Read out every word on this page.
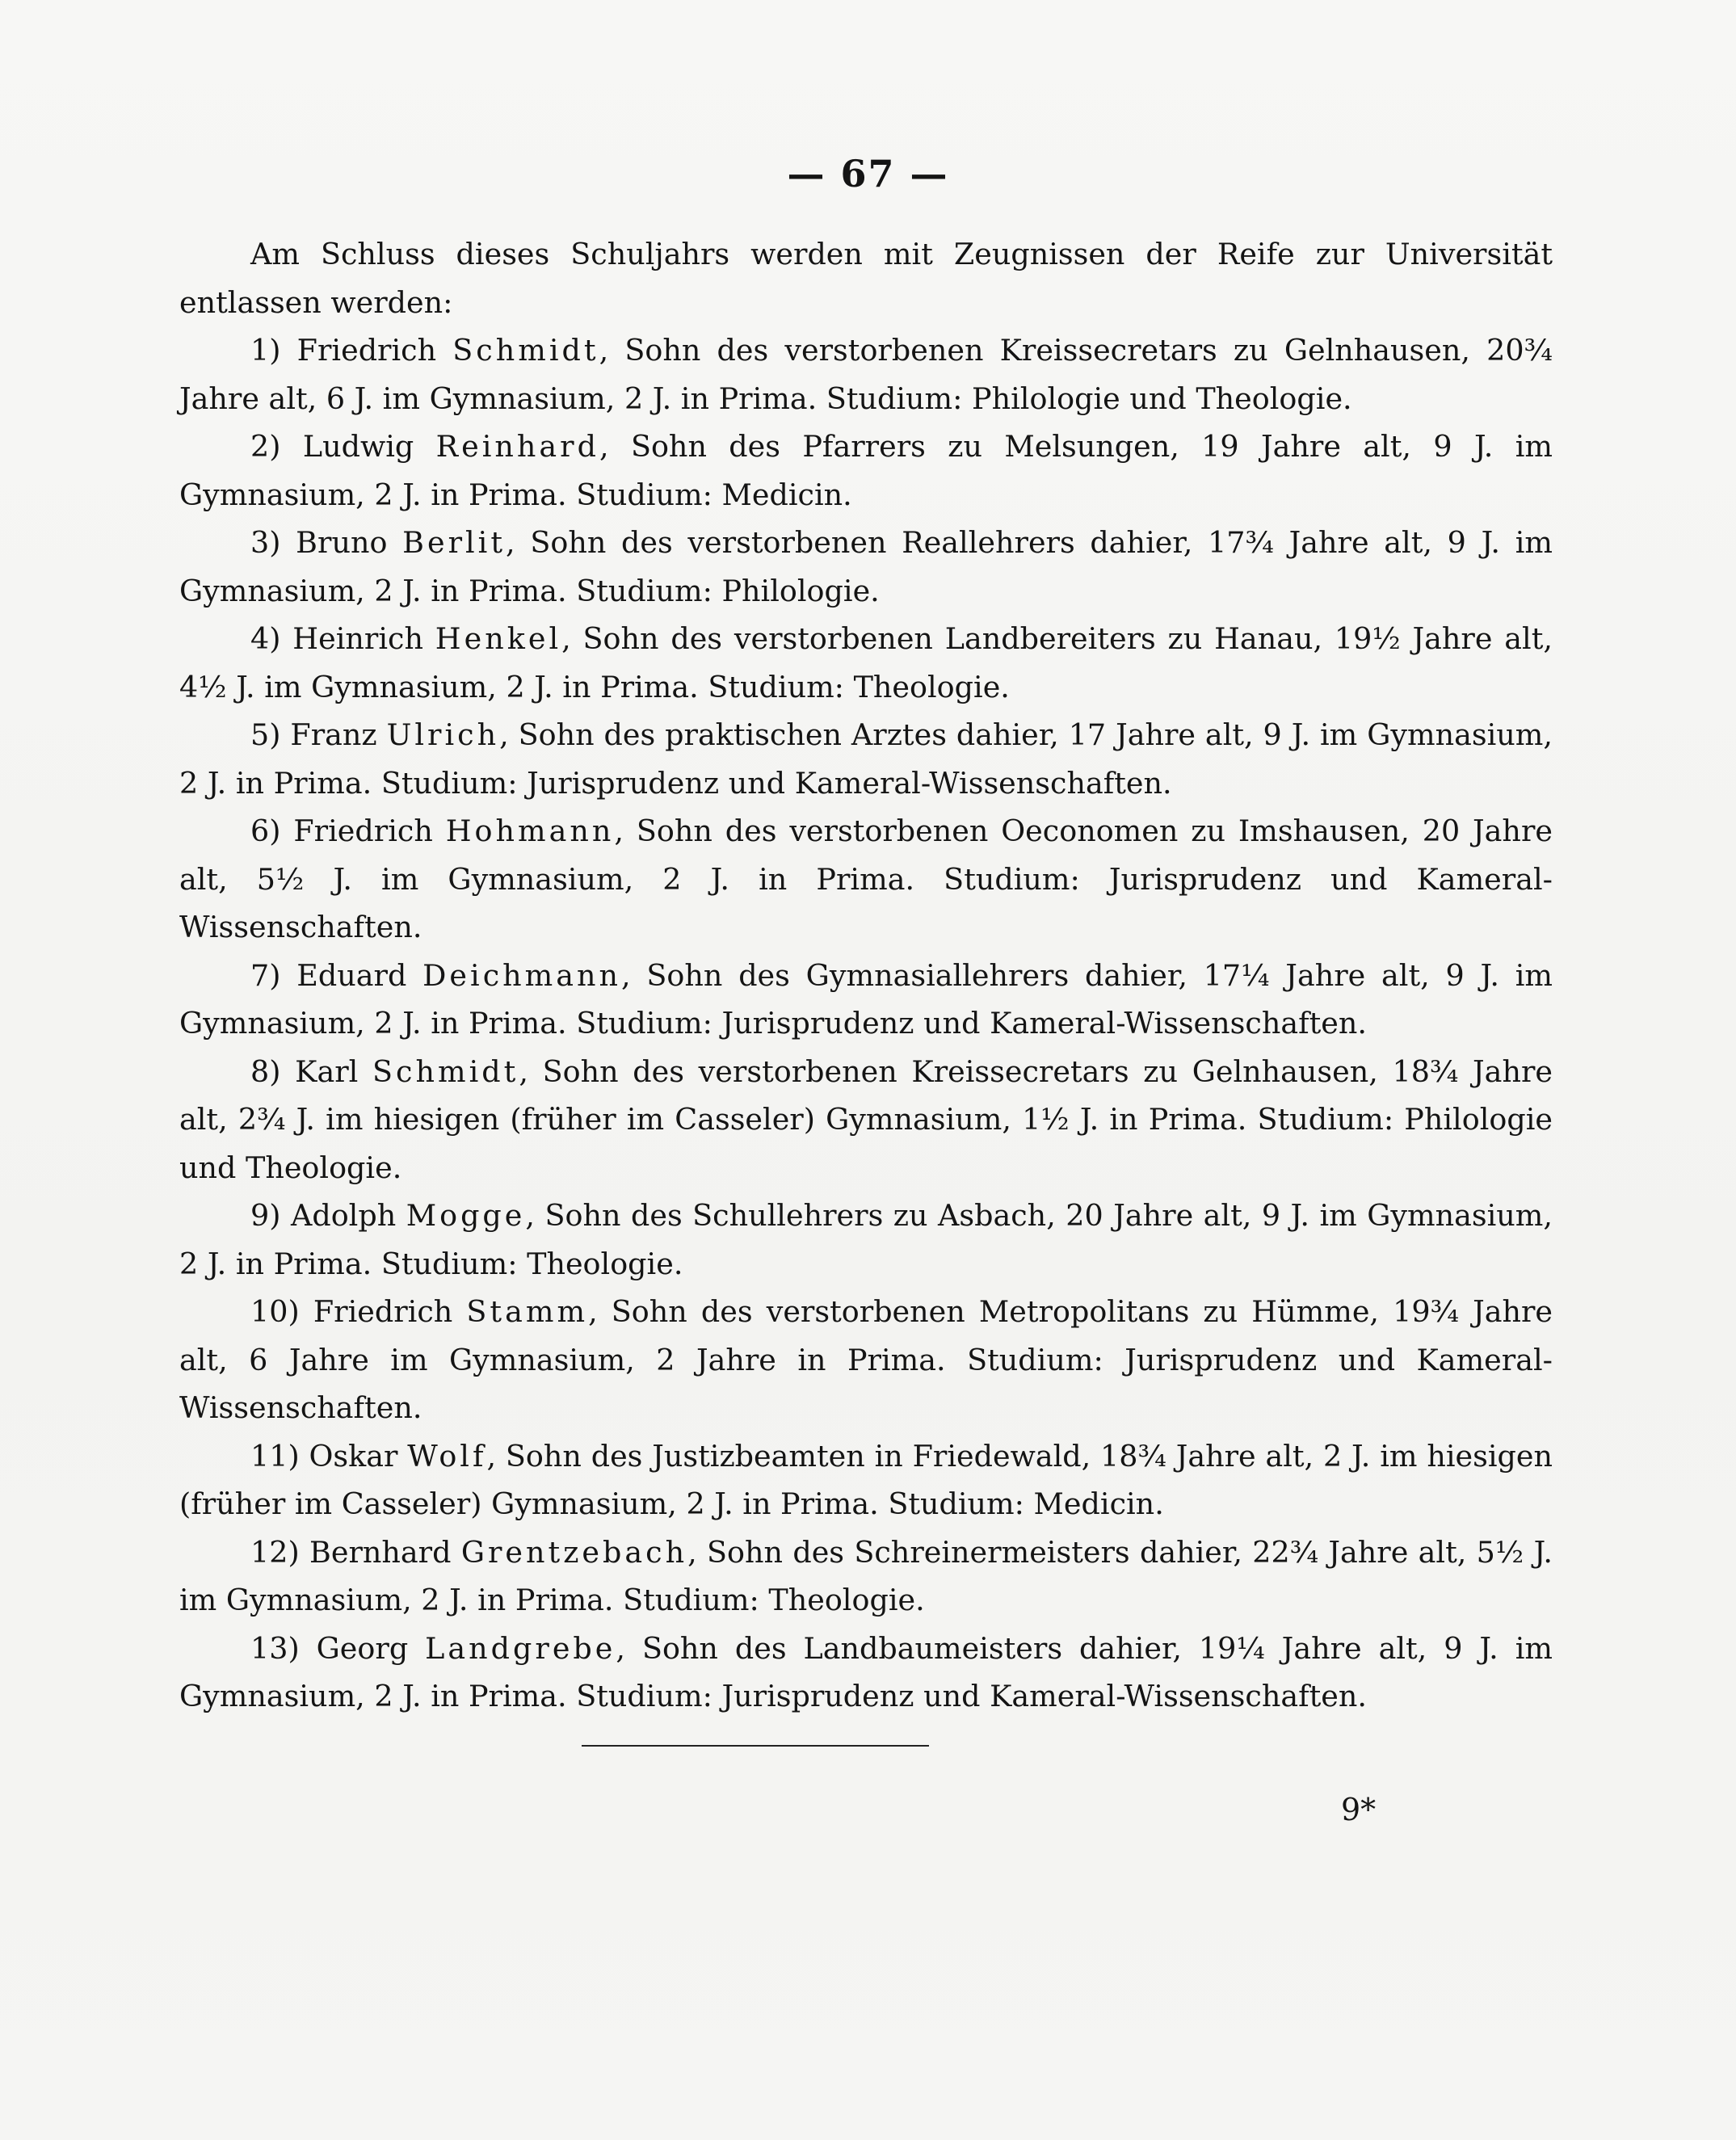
— 67 —

Am Schluss dieses Schuljahrs werden mit Zeugnissen der Reife zur Universität entlassen werden:

1) Friedrich Schmidt, Sohn des verstorbenen Kreissecretars zu Gelnhausen, 20¾ Jahre alt, 6 J. im Gymnasium, 2 J. in Prima. Studium: Philologie und Theologie.

2) Ludwig Reinhard, Sohn des Pfarrers zu Melsungen, 19 Jahre alt, 9 J. im Gymnasium, 2 J. in Prima. Studium: Medicin.

3) Bruno Berlit, Sohn des verstorbenen Reallehrers dahier, 17¾ Jahre alt, 9 J. im Gymnasium, 2 J. in Prima. Studium: Philologie.

4) Heinrich Henkel, Sohn des verstorbenen Landbereiters zu Hanau, 19½ Jahre alt, 4½ J. im Gymnasium, 2 J. in Prima. Studium: Theologie.

5) Franz Ulrich, Sohn des praktischen Arztes dahier, 17 Jahre alt, 9 J. im Gymnasium, 2 J. in Prima. Studium: Jurisprudenz und Kameral-Wissenschaften.

6) Friedrich Hohmann, Sohn des verstorbenen Oeconomen zu Imshausen, 20 Jahre alt, 5½ J. im Gymnasium, 2 J. in Prima. Studium: Jurisprudenz und Kameral-Wissenschaften.

7) Eduard Deichmann, Sohn des Gymnasiallehrers dahier, 17¼ Jahre alt, 9 J. im Gymnasium, 2 J. in Prima. Studium: Jurisprudenz und Kameral-Wissenschaften.

8) Karl Schmidt, Sohn des verstorbenen Kreissecretars zu Gelnhausen, 18¾ Jahre alt, 2¾ J. im hiesigen (früher im Casseler) Gymnasium, 1½ J. in Prima. Studium: Philologie und Theologie.

9) Adolph Mogge, Sohn des Schullehrers zu Asbach, 20 Jahre alt, 9 J. im Gymnasium, 2 J. in Prima. Studium: Theologie.

10) Friedrich Stamm, Sohn des verstorbenen Metropolitans zu Hümme, 19¾ Jahre alt, 6 Jahre im Gymnasium, 2 Jahre in Prima. Studium: Jurisprudenz und Kameral-Wissenschaften.

11) Oskar Wolf, Sohn des Justizbeamten in Friedewald, 18¾ Jahre alt, 2 J. im hiesigen (früher im Casseler) Gymnasium, 2 J. in Prima. Studium: Medicin.

12) Bernhard Grentzebach, Sohn des Schreinermeisters dahier, 22¾ Jahre alt, 5½ J. im Gymnasium, 2 J. in Prima. Studium: Theologie.

13) Georg Landgrebe, Sohn des Landbaumeisters dahier, 19¼ Jahre alt, 9 J. im Gymnasium, 2 J. in Prima. Studium: Jurisprudenz und Kameral-Wissenschaften.

9*
